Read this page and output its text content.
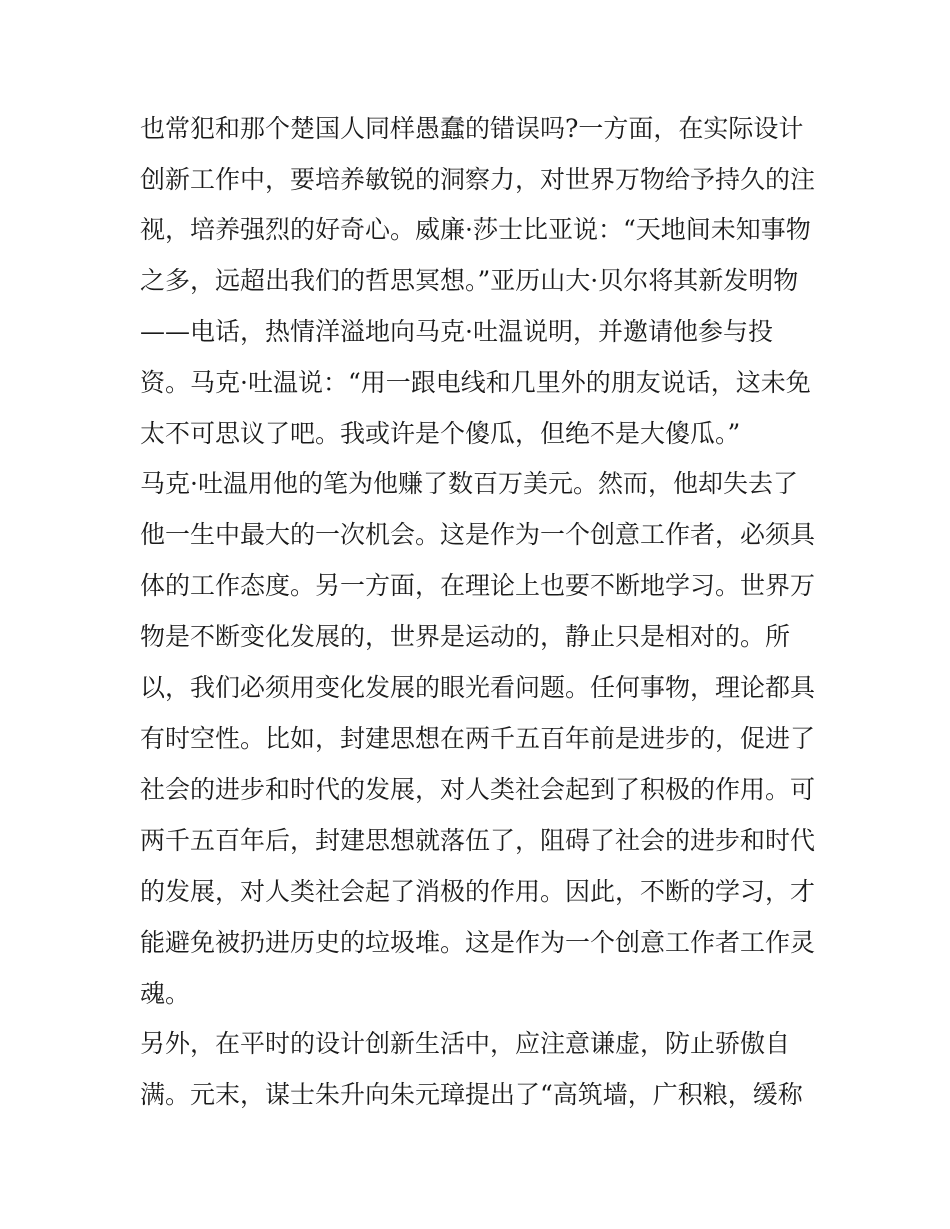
也常犯和那个楚国人同样愚蠢的错误吗?一方面，在实际设计
创新工作中，要培养敏锐的洞察力，对世界万物给予持久的注
视，培养强烈的好奇心。威廉·莎士比亚说：“天地间未知事物
之多，远超出我们的哲思冥想。”亚历山大·贝尔将其新发明物
——电话，热情洋溢地向马克·吐温说明，并邀请他参与投
资。马克·吐温说：“用一跟电线和几里外的朋友说话，这未免
太不可思议了吧。我或许是个傻瓜，但绝不是大傻瓜。”
马克·吐温用他的笔为他赚了数百万美元。然而，他却失去了
他一生中最大的一次机会。这是作为一个创意工作者，必须具
体的工作态度。另一方面，在理论上也要不断地学习。世界万
物是不断变化发展的，世界是运动的，静止只是相对的。所
以，我们必须用变化发展的眼光看问题。任何事物，理论都具
有时空性。比如，封建思想在两千五百年前是进步的，促进了
社会的进步和时代的发展，对人类社会起到了积极的作用。可
两千五百年后，封建思想就落伍了，阻碍了社会的进步和时代
的发展，对人类社会起了消极的作用。因此，不断的学习，才
能避免被扔进历史的垃圾堆。这是作为一个创意工作者工作灵
魂。
另外，在平时的设计创新生活中，应注意谦虚，防止骄傲自
满。元末，谋士朱升向朱元璋提出了“高筑墙，广积粮，缓称
